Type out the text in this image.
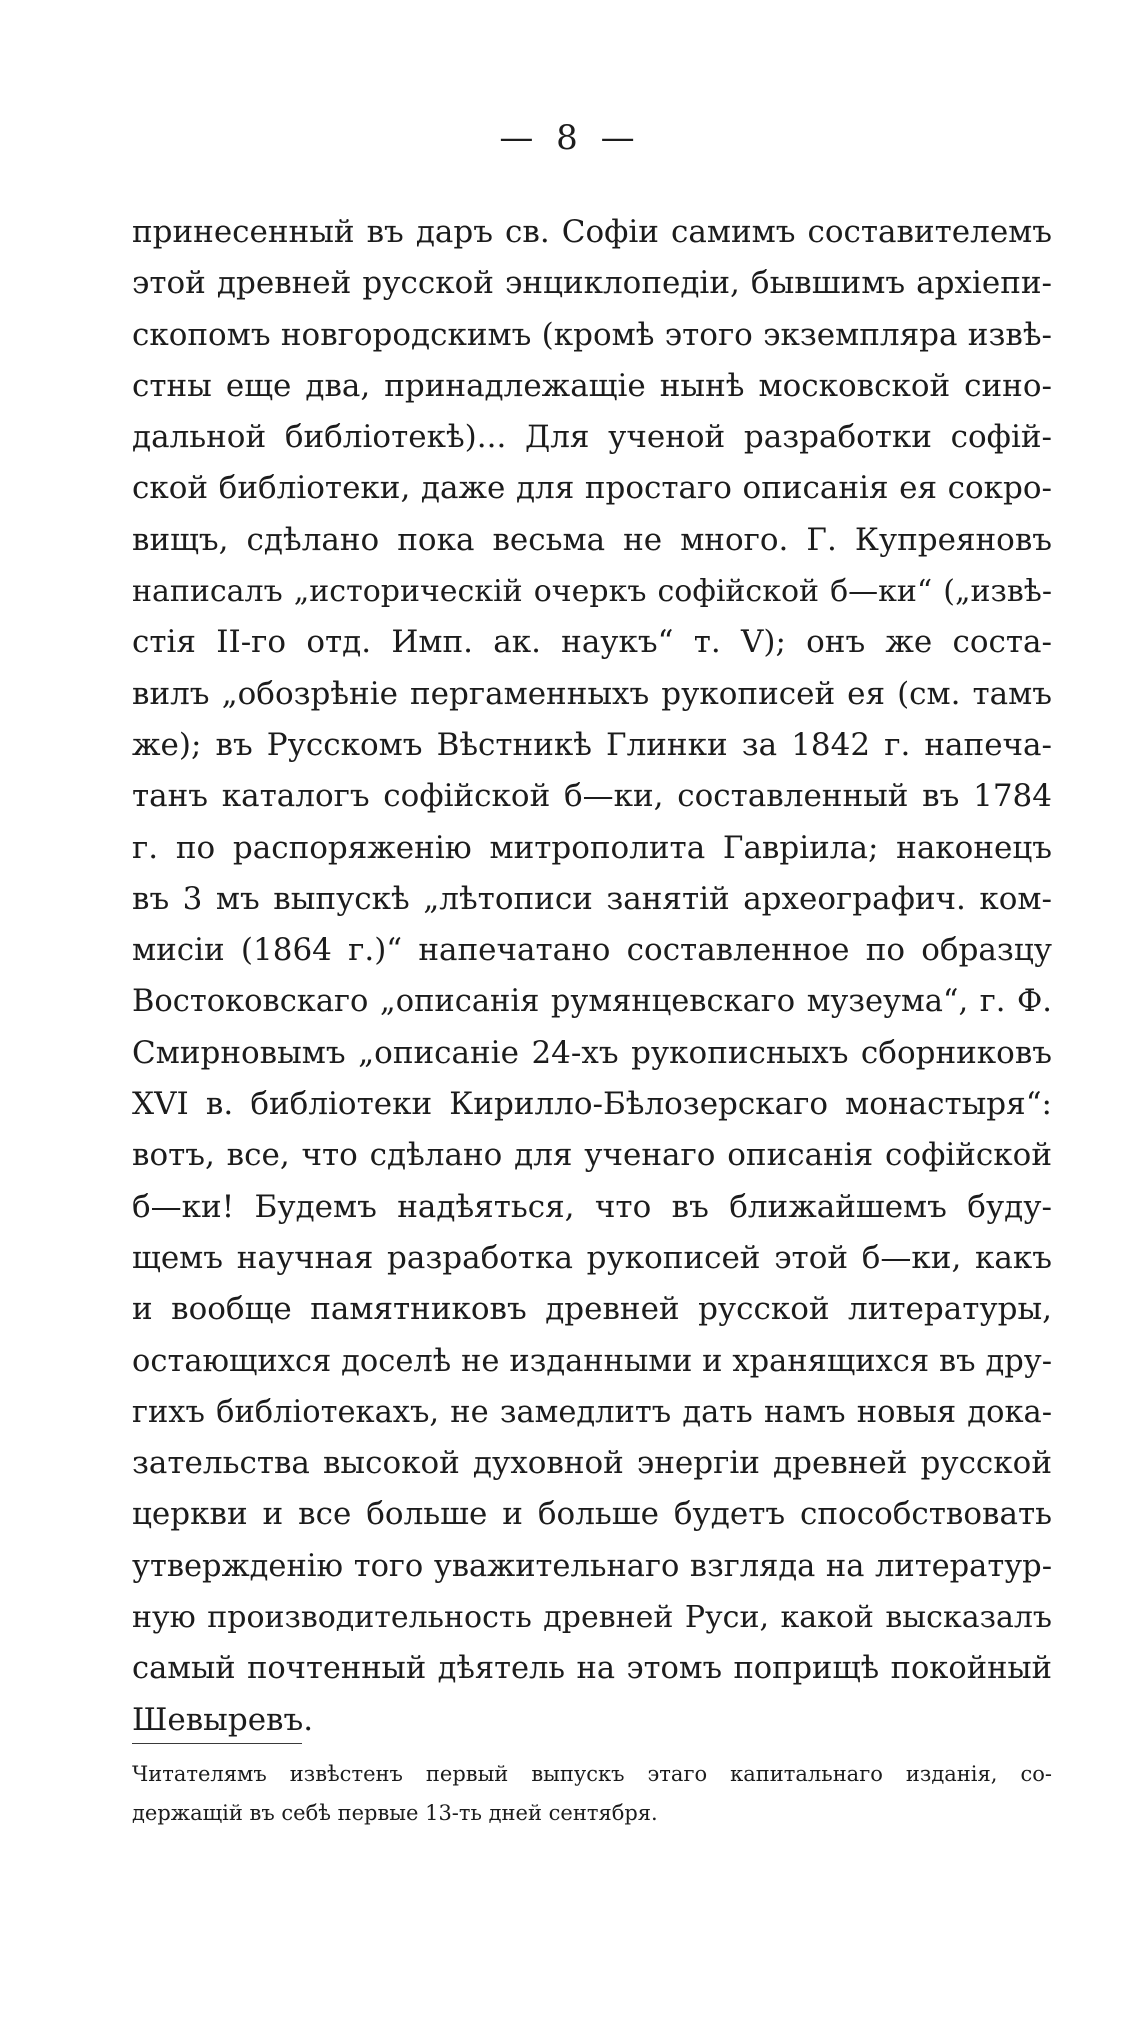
— 8 —
принесенный въ даръ св. Софіи самимъ составителемъ
этой древней русской энциклопедіи, бывшимъ архіепи-
скопомъ новгородскимъ (кромѣ этого экземпляра извѣ-
стны еще два, принадлежащіе нынѣ московской сино-
дальной библіотекѣ)... Для ученой разработки софій-
ской библіотеки, даже для простаго описанія ея сокро-
вищъ, сдѣлано пока весьма не много. Г. Купреяновъ
написалъ „историческій очеркъ софійской б—ки“ („извѣ-
стія II-го отд. Имп. ак. наукъ“ т. V); онъ же соста-
вилъ „обозрѣніе пергаменныхъ рукописей ея (см. тамъ
же); въ Русскомъ Вѣстникѣ Глинки за 1842 г. напеча-
танъ каталогъ софійской б—ки, составленный въ 1784
г. по распоряженію митрополита Гавріила; наконецъ
въ 3 мъ выпускѣ „лѣтописи занятій археографич. ком-
мисіи (1864 г.)“ напечатано составленное по образцу
Востоковскаго „описанія румянцевскаго музеума“, г. Ф.
Смирновымъ „описаніе 24-хъ рукописныхъ сборниковъ
XVI в. библіотеки Кирилло-Бѣлозерскаго монастыря“:
вотъ, все, что сдѣлано для ученаго описанія софійской
б—ки! Будемъ надѣяться, что въ ближайшемъ буду-
щемъ научная разработка рукописей этой б—ки, какъ
и вообще памятниковъ древней русской литературы,
остающихся доселѣ не изданными и хранящихся въ дру-
гихъ библіотекахъ, не замедлитъ дать намъ новыя дока-
зательства высокой духовной энергіи древней русской
церкви и все больше и больше будетъ способствовать
утвержденію того уважительнаго взгляда на литератур-
ную производительность древней Руси, какой высказалъ
самый почтенный дѣятель на этомъ поприщѣ покойный
Шевыревъ.
Читателямъ извѣстенъ первый выпускъ этаго капитальнаго изданія, со-
держащій въ себѣ первые 13-ть дней сентября.
